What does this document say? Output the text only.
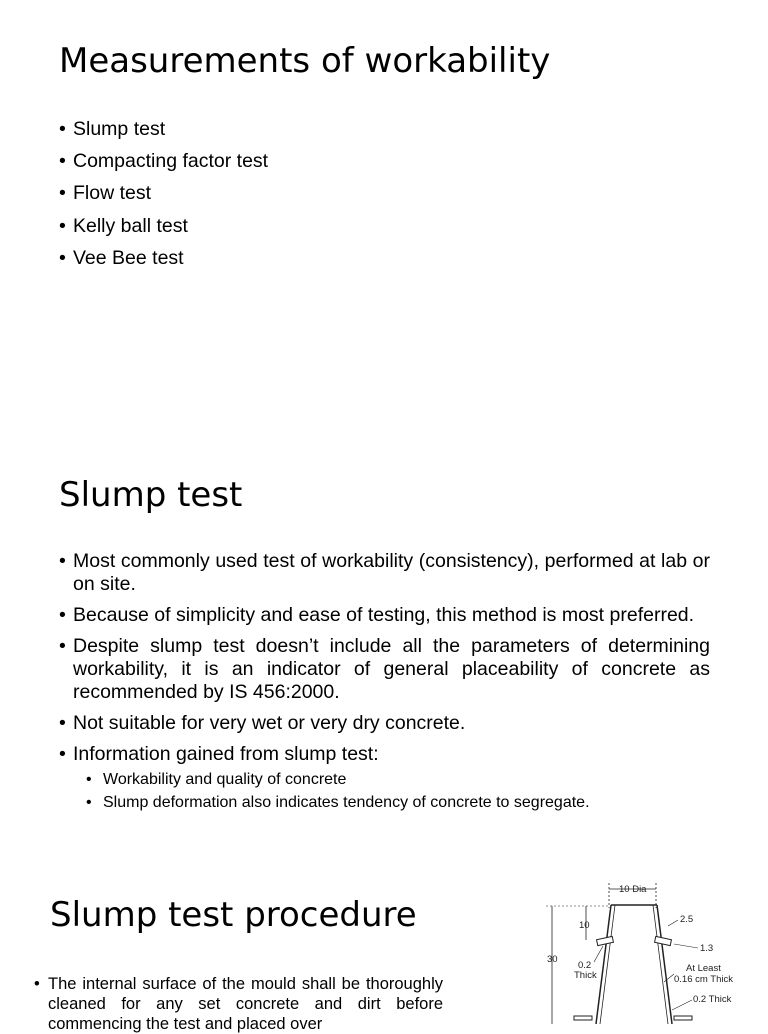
Measurements of workability
• Slump test
• Compacting factor test
• Flow test
• Kelly ball test
• Vee Bee test
Slump test
• Most commonly used test of workability (consistency), performed at lab or on site.
• Because of simplicity and ease of testing, this method is most preferred.
• Despite slump test doesn’t include all the parameters of determining workability, it is an indicator of general placeability of concrete as recommended by IS 456:2000.
• Not suitable for very wet or very dry concrete.
• Information gained from slump test:
• Workability and quality of concrete
• Slump deformation also indicates tendency of concrete to segregate.
Slump test procedure
• The internal surface of the mould shall be thoroughly cleaned for any set concrete and dirt before commencing the test and placed over
10 Dia
30
10
0.2 Thick
2.5
1.3
At Least 0.16 cm Thick
0.2 Thick
